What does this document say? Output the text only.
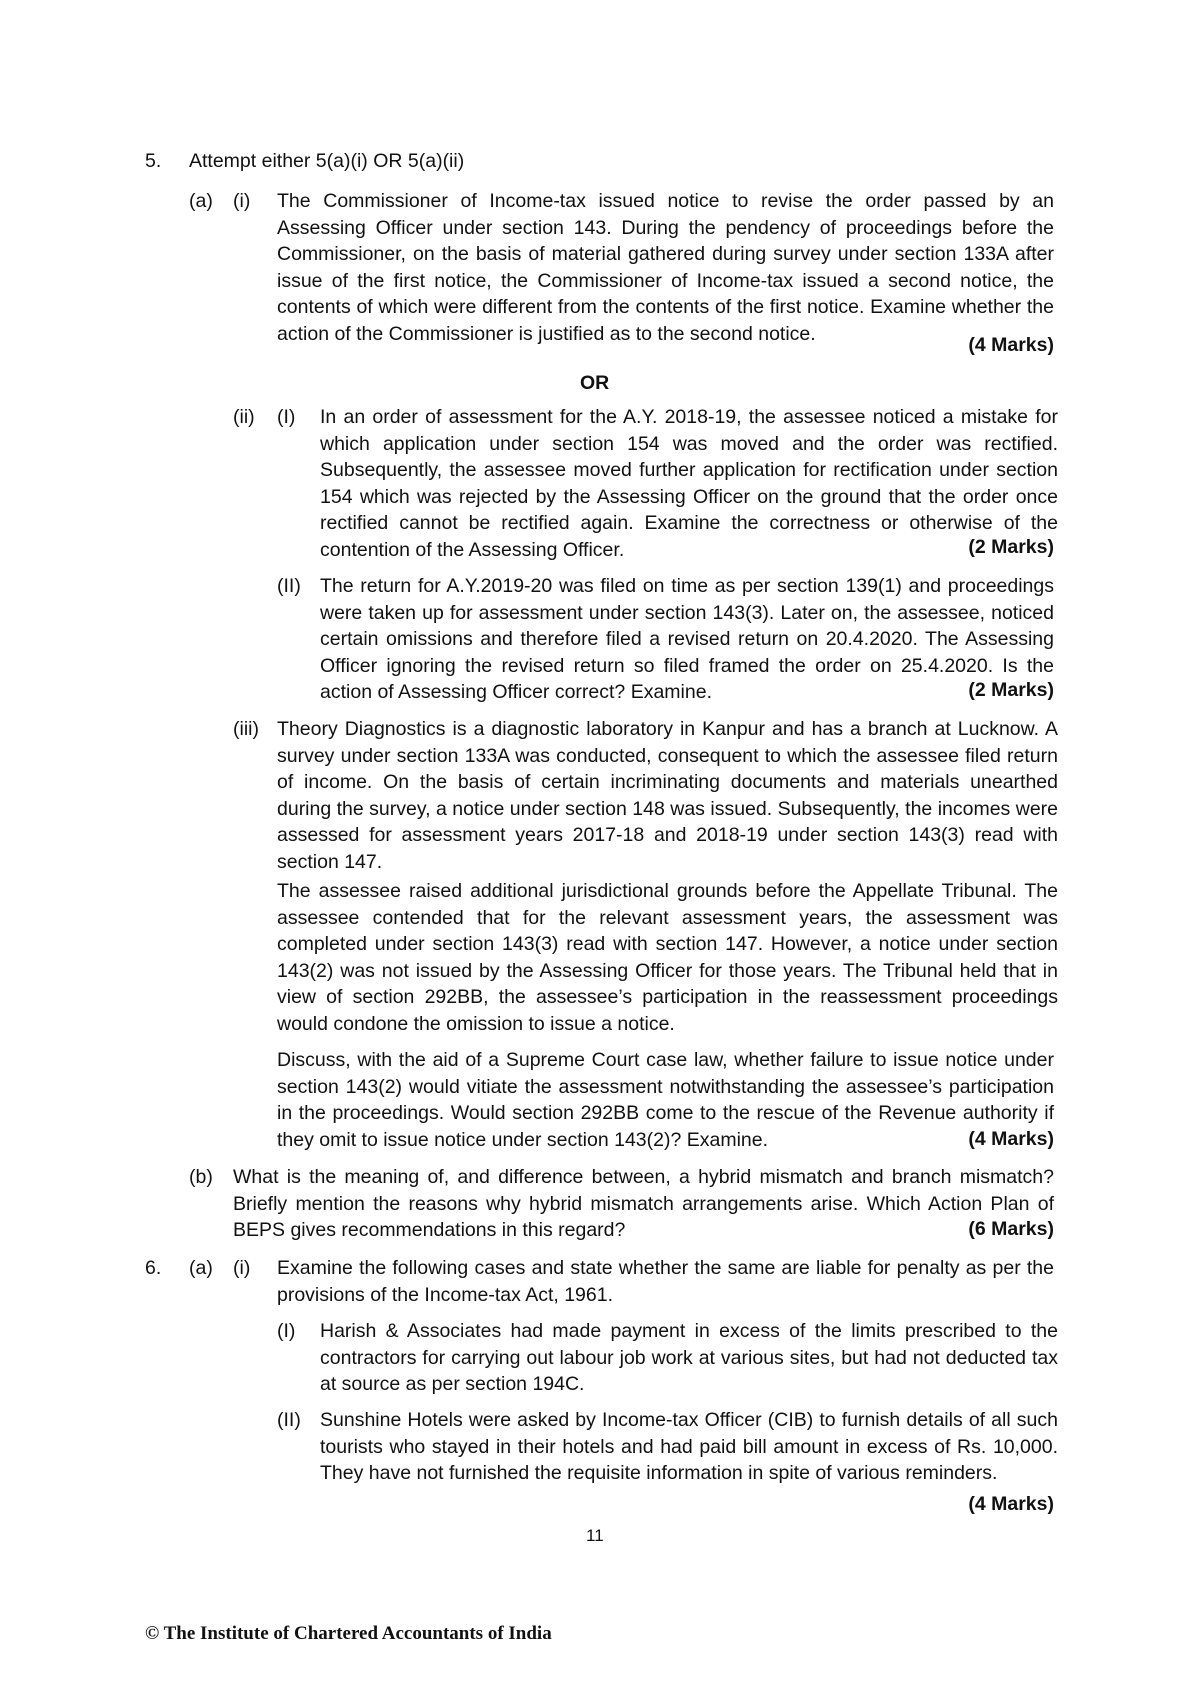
5. Attempt either 5(a)(i) OR 5(a)(ii)
(a) (i) The Commissioner of Income-tax issued notice to revise the order passed by an Assessing Officer under section 143. During the pendency of proceedings before the Commissioner, on the basis of material gathered during survey under section 133A after issue of the first notice, the Commissioner of Income-tax issued a second notice, the contents of which were different from the contents of the first notice. Examine whether the action of the Commissioner is justified as to the second notice.
(4 Marks)
OR
(ii) (I) In an order of assessment for the A.Y. 2018-19, the assessee noticed a mistake for which application under section 154 was moved and the order was rectified. Subsequently, the assessee moved further application for rectification under section 154 which was rejected by the Assessing Officer on the ground that the order once rectified cannot be rectified again. Examine the correctness or otherwise of the contention of the Assessing Officer.	(2 Marks)
(II) The return for A.Y.2019-20 was filed on time as per section 139(1) and proceedings were taken up for assessment under section 143(3). Later on, the assessee, noticed certain omissions and therefore filed a revised return on 20.4.2020. The Assessing Officer ignoring the revised return so filed framed the order on 25.4.2020. Is the action of Assessing Officer correct? Examine.	(2 Marks)
(iii) Theory Diagnostics is a diagnostic laboratory in Kanpur and has a branch at Lucknow. A survey under section 133A was conducted, consequent to which the assessee filed return of income. On the basis of certain incriminating documents and materials unearthed during the survey, a notice under section 148 was issued. Subsequently, the incomes were assessed for assessment years 2017-18 and 2018-19 under section 143(3) read with section 147.
The assessee raised additional jurisdictional grounds before the Appellate Tribunal. The assessee contended that for the relevant assessment years, the assessment was completed under section 143(3) read with section 147. However, a notice under section 143(2) was not issued by the Assessing Officer for those years. The Tribunal held that in view of section 292BB, the assessee’s participation in the reassessment proceedings would condone the omission to issue a notice.
Discuss, with the aid of a Supreme Court case law, whether failure to issue notice under section 143(2) would vitiate the assessment notwithstanding the assessee’s participation in the proceedings. Would section 292BB come to the rescue of the Revenue authority if they omit to issue notice under section 143(2)? Examine.	(4 Marks)
(b) What is the meaning of, and difference between, a hybrid mismatch and branch mismatch? Briefly mention the reasons why hybrid mismatch arrangements arise. Which Action Plan of BEPS gives recommendations in this regard?	(6 Marks)
6. (a) (i) Examine the following cases and state whether the same are liable for penalty as per the provisions of the Income-tax Act, 1961.
(I) Harish & Associates had made payment in excess of the limits prescribed to the contractors for carrying out labour job work at various sites, but had not deducted tax at source as per section 194C.
(II) Sunshine Hotels were asked by Income-tax Officer (CIB) to furnish details of all such tourists who stayed in their hotels and had paid bill amount in excess of Rs. 10,000. They have not furnished the requisite information in spite of various reminders.
(4 Marks)
11
© The Institute of Chartered Accountants of India
